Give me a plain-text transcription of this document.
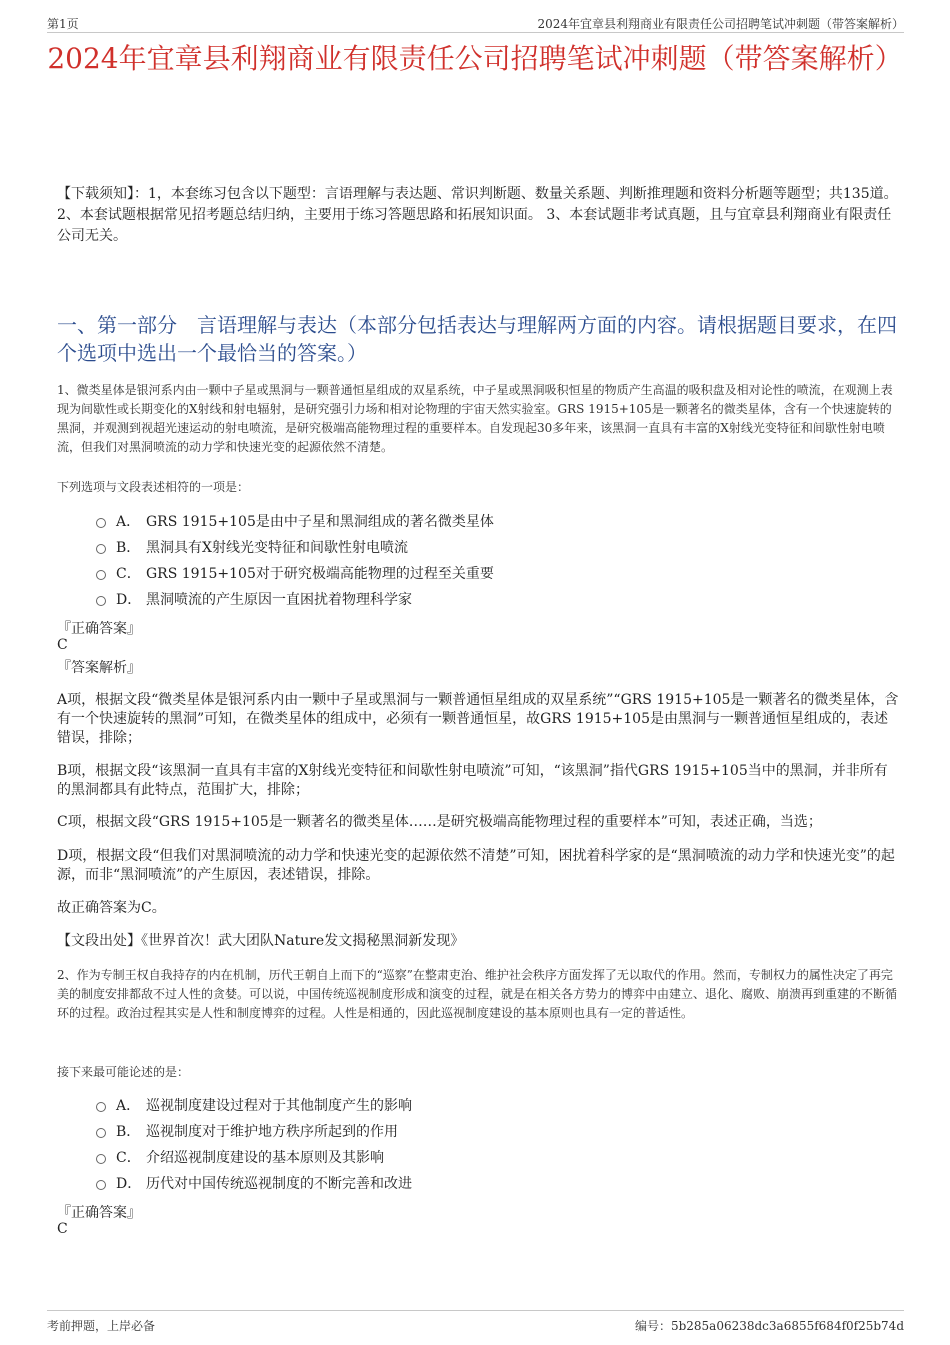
第1页	2024年宜章县利翔商业有限责任公司招聘笔试冲刺题（带答案解析）
2024年宜章县利翔商业有限责任公司招聘笔试冲刺题（带答案解析）
【下载须知】：1，本套练习包含以下题型：言语理解与表达题、常识判断题、数量关系题、判断推理题和资料分析题等题型；共135道。 2、本套试题根据常见招考题总结归纳，主要用于练习答题思路和拓展知识面。 3、本套试题非考试真题，且与宜章县利翔商业有限责任公司无关。
一、第一部分　言语理解与表达（本部分包括表达与理解两方面的内容。请根据题目要求，在四个选项中选出一个最恰当的答案。）
1、微类星体是银河系内由一颗中子星或黑洞与一颗普通恒星组成的双星系统，中子星或黑洞吸积恒星的物质产生高温的吸积盘及相对论性的喷流，在观测上表现为间歇性或长期变化的X射线和射电辐射，是研究强引力场和相对论物理的宇宙天然实验室。GRS 1915+105是一颗著名的微类星体，含有一个快速旋转的黑洞，并观测到视超光速运动的射电喷流，是研究极端高能物理过程的重要样本。自发现起30多年来，该黑洞一直具有丰富的X射线光变特征和间歇性射电喷流，但我们对黑洞喷流的动力学和快速光变的起源依然不清楚。
下列选项与文段表述相符的一项是：
A． GRS 1915+105是由中子星和黑洞组成的著名微类星体
B． 黑洞具有X射线光变特征和间歇性射电喷流
C． GRS 1915+105对于研究极端高能物理的过程至关重要
D． 黑洞喷流的产生原因一直困扰着物理科学家
『正确答案』
C
『答案解析』
A项，根据文段“微类星体是银河系内由一颗中子星或黑洞与一颗普通恒星组成的双星系统”“GRS 1915+105是一颗著名的微类星体，含有一个快速旋转的黑洞”可知，在微类星体的组成中，必须有一颗普通恒星，故GRS 1915+105是由黑洞与一颗普通恒星组成的，表述错误，排除；
B项，根据文段“该黑洞一直具有丰富的X射线光变特征和间歇性射电喷流”可知，“该黑洞”指代GRS 1915+105当中的黑洞，并非所有的黑洞都具有此特点，范围扩大，排除；
C项，根据文段“GRS 1915+105是一颗著名的微类星体……是研究极端高能物理过程的重要样本”可知，表述正确，当选；
D项，根据文段“但我们对黑洞喷流的动力学和快速光变的起源依然不清楚”可知，困扰着科学家的是“黑洞喷流的动力学和快速光变”的起源，而非“黑洞喷流”的产生原因，表述错误，排除。
故正确答案为C。
【文段出处】《世界首次！武大团队Nature发文揭秘黑洞新发现》
2、作为专制王权自我持存的内在机制，历代王朝自上而下的“巡察”在整肃吏治、维护社会秩序方面发挥了无以取代的作用。然而，专制权力的属性决定了再完美的制度安排都敌不过人性的贪婪。可以说，中国传统巡视制度形成和演变的过程，就是在相关各方势力的博弈中由建立、退化、腐败、崩溃再到重建的不断循环的过程。政治过程其实是人性和制度博弈的过程。人性是相通的，因此巡视制度建设的基本原则也具有一定的普适性。
接下来最可能论述的是：
A． 巡视制度建设过程对于其他制度产生的影响
B． 巡视制度对于维护地方秩序所起到的作用
C． 介绍巡视制度建设的基本原则及其影响
D． 历代对中国传统巡视制度的不断完善和改进
『正确答案』
C
考前押题，上岸必备	编号：5b285a06238dc3a6855f684f0f25b74d
